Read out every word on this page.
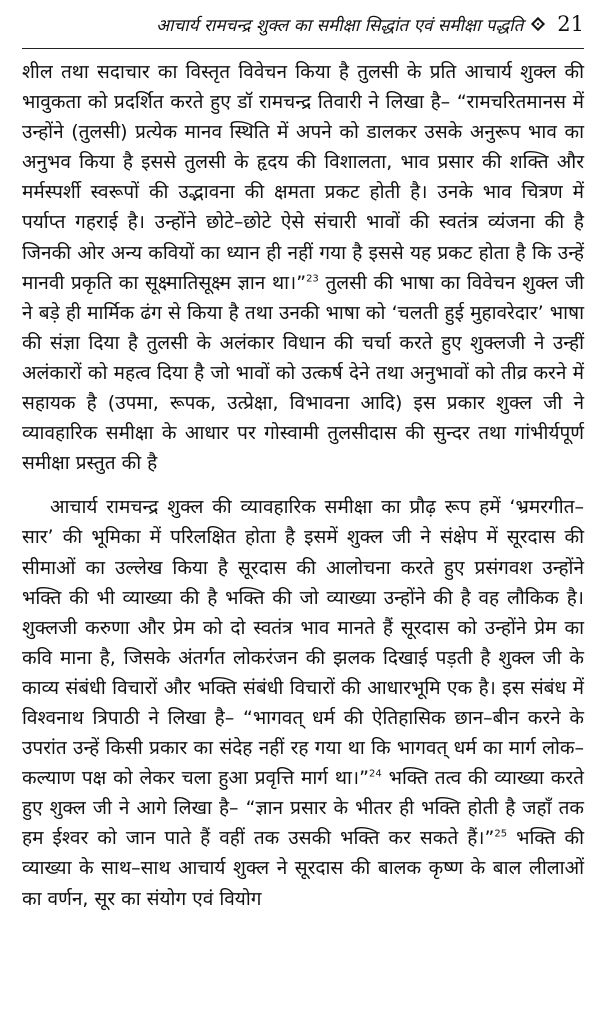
आचार्य रामचन्द्र शुक्ल का समीक्षा सिद्धांत एवं समीक्षा पद्धति 21

शील तथा सदाचार का विस्तृत विवेचन किया है तुलसी के प्रति आचार्य शुक्ल की भावुकता को प्रदर्शित करते हुए डॉ रामचन्द्र तिवारी ने लिखा है– “रामचरितमानस में उन्होंने (तुलसी) प्रत्येक मानव स्थिति में अपने को डालकर उसके अनुरूप भाव का अनुभव किया है इससे तुलसी के हृदय की विशालता, भाव प्रसार की शक्ति और मर्मस्पर्शी स्वरूपों की उद्भावना की क्षमता प्रकट होती है। उनके भाव चित्रण में पर्याप्त गहराई है। उन्होंने छोटे–छोटे ऐसे संचारी भावों की स्वतंत्र व्यंजना की है जिनकी ओर अन्य कवियों का ध्यान ही नहीं गया है इससे यह प्रकट होता है कि उन्हें मानवी प्रकृति का सूक्ष्मातिसूक्ष्म ज्ञान था।”$^{23}$ तुलसी की भाषा का विवेचन शुक्ल जी ने बड़े ही मार्मिक ढंग से किया है तथा उनकी भाषा को ‘चलती हुई मुहावरेदार’ भाषा की संज्ञा दिया है तुलसी के अलंकार विधान की चर्चा करते हुए शुक्लजी ने उन्हीं अलंकारों को महत्व दिया है जो भावों को उत्कर्ष देने तथा अनुभावों को तीव्र करने में सहायक है (उपमा, रूपक, उत्प्रेक्षा, विभावना आदि) इस प्रकार शुक्ल जी ने व्यावहारिक समीक्षा के आधार पर गोस्वामी तुलसीदास की सुन्दर तथा गांभीर्यपूर्ण समीक्षा प्रस्तुत की है

आचार्य रामचन्द्र शुक्ल की व्यावहारिक समीक्षा का प्रौढ़ रूप हमें ‘भ्रमरगीत–सार’ की भूमिका में परिलक्षित होता है इसमें शुक्ल जी ने संक्षेप में सूरदास की सीमाओं का उल्लेख किया है सूरदास की आलोचना करते हुए प्रसंगवश उन्होंने भक्ति की भी व्याख्या की है भक्ति की जो व्याख्या उन्होंने की है वह लौकिक है। शुक्लजी करुणा और प्रेम को दो स्वतंत्र भाव मानते हैं सूरदास को उन्होंने प्रेम का कवि माना है, जिसके अंतर्गत लोकरंजन की झलक दिखाई पड़ती है शुक्ल जी के काव्य संबंधी विचारों और भक्ति संबंधी विचारों की आधारभूमि एक है। इस संबंध में विश्वनाथ त्रिपाठी ने लिखा है– “भागवत् धर्म की ऐतिहासिक छान–बीन करने के उपरांत उन्हें किसी प्रकार का संदेह नहीं रह गया था कि भागवत् धर्म का मार्ग लोक–कल्याण पक्ष को लेकर चला हुआ प्रवृत्ति मार्ग था।”$^{24}$ भक्ति तत्व की व्याख्या करते हुए शुक्ल जी ने आगे लिखा है– “ज्ञान प्रसार के भीतर ही भक्ति होती है जहाँ तक हम ईश्वर को जान पाते हैं वहीं तक उसकी भक्ति कर सकते हैं।”$^{25}$ भक्ति की व्याख्या के साथ–साथ आचार्य शुक्ल ने सूरदास की बालक कृष्ण के बाल लीलाओं का वर्णन, सूर का संयोग एवं वियोग
